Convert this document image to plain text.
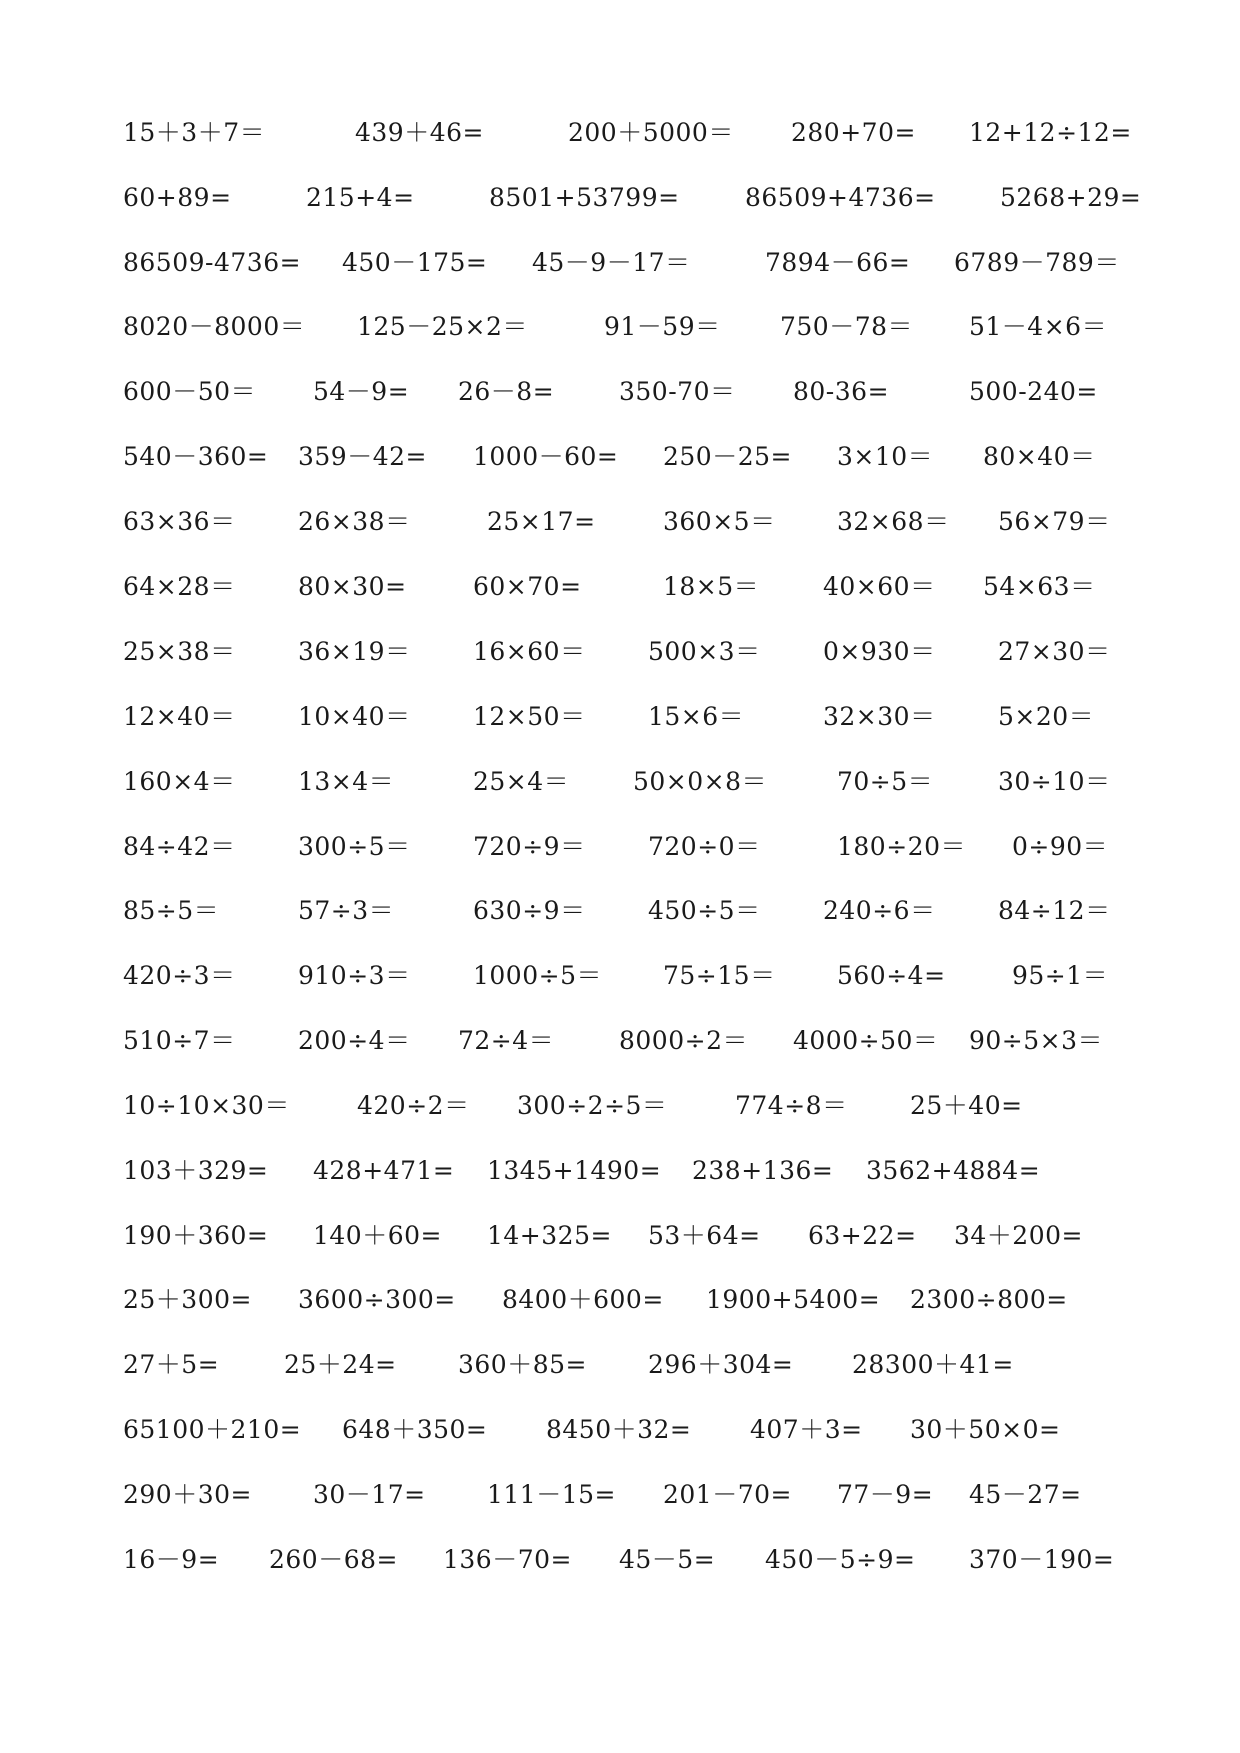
15＋3＋7＝	439＋46=	200＋5000＝ 280+70= 12+12÷12=
60+89=	215+4=	8501+53799=	86509+4736=	5268+29=
86509-4736= 450－175= 45－9－17＝	7894－66= 6789－789＝
8020－8000＝ 125－25×2＝	91－59＝ 750－78＝ 51－4×6＝
600－50＝ 54－9= 26－8=	350-70＝ 80-36=	500-240=
540－360= 359－42= 1000－60= 250－25= 3×10＝ 80×40＝
63×36＝ 26×38＝	25×17=	360×5＝ 32×68＝ 56×79＝
64×28＝ 80×30=	60×70=	18×5＝	40×60＝ 54×63＝
25×38＝ 36×19＝ 16×60＝ 500×3＝ 0×930＝ 27×30＝
12×40＝ 10×40＝ 12×50＝ 15×6＝	32×30＝ 5×20＝
160×4＝ 13×4＝	25×4＝	50×0×8＝	70÷5＝	30÷10＝
84÷42＝ 300÷5＝ 720÷9＝ 720÷0＝	180÷20＝ 0÷90＝
85÷5＝	57÷3＝	630÷9＝ 450÷5＝ 240÷6＝ 84÷12＝
420÷3＝ 910÷3＝ 1000÷5＝ 75÷15＝ 560÷4=	95÷1＝
510÷7＝ 200÷4＝ 72÷4＝	8000÷2＝ 4000÷50＝ 90÷5×3＝
10÷10×30＝	420÷2＝ 300÷2÷5＝	774÷8＝ 25＋40=
103＋329= 428+471= 1345+1490= 238+136= 3562+4884=
190＋360= 140＋60= 14+325= 53＋64= 63+22= 34＋200=
25＋300= 3600÷300= 8400＋600= 1900+5400= 2300÷800=
27＋5=	25＋24= 360＋85= 296＋304= 28300＋41=
65100＋210= 648＋350= 8450＋32= 407＋3= 30＋50×0=
290＋30= 30－17= 111－15= 201－70= 77－9= 45－27=
16－9= 260－68= 136－70= 45－5= 450－5÷9= 370－190=
